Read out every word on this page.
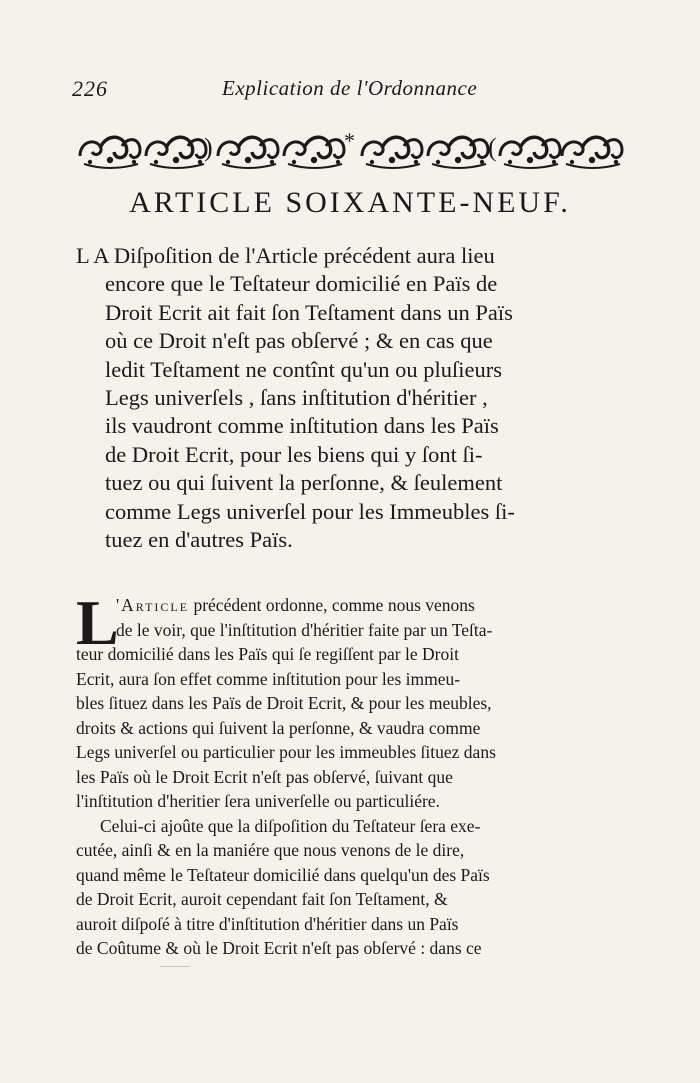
226	Explication de l'Ordonnance
)	*	(
ARTICLE SOIXANTE-NEUF.
L A Diſpoſition de l'Article précédent aura lieu
encore que le Teſtateur domicilié en Païs de
Droit Ecrit ait fait ſon Teſtament dans un Païs
où ce Droit n'eſt pas obſervé ; & en cas que
ledit Teſtament ne contînt qu'un ou pluſieurs
Legs univerſels , ſans inſtitution d'héritier ,
ils vaudront comme inſtitution dans les Païs
de Droit Ecrit, pour les biens qui y ſont ſi-
tuez ou qui ſuivent la perſonne, & ſeulement
comme Legs univerſel pour les Immeubles ſi-
tuez en d'autres Païs.
L
'Article précédent ordonne, comme nous venons
de le voir, que l'inſtitution d'héritier faite par un Teſta-
teur domicilié dans les Païs qui ſe regiſſent par le Droit
Ecrit, aura ſon effet comme inſtitution pour les immeu-
bles ſituez dans les Païs de Droit Ecrit, & pour les meubles,
droits & actions qui ſuivent la perſonne, & vaudra comme
Legs univerſel ou particulier pour les immeubles ſituez dans
les Païs où le Droit Ecrit n'eſt pas obſervé, ſuivant que
l'inſtitution d'heritier ſera univerſelle ou particuliére.
Celui-ci ajoûte que la diſpoſition du Teſtateur ſera exe-
cutée, ainſi & en la maniére que nous venons de le dire,
quand même le Teſtateur domicilié dans quelqu'un des Païs
de Droit Ecrit, auroit cependant fait ſon Teſtament, &
auroit diſpoſé à titre d'inſtitution d'héritier dans un Païs
de Coûtume & où le Droit Ecrit n'eſt pas obſervé : dans ce
